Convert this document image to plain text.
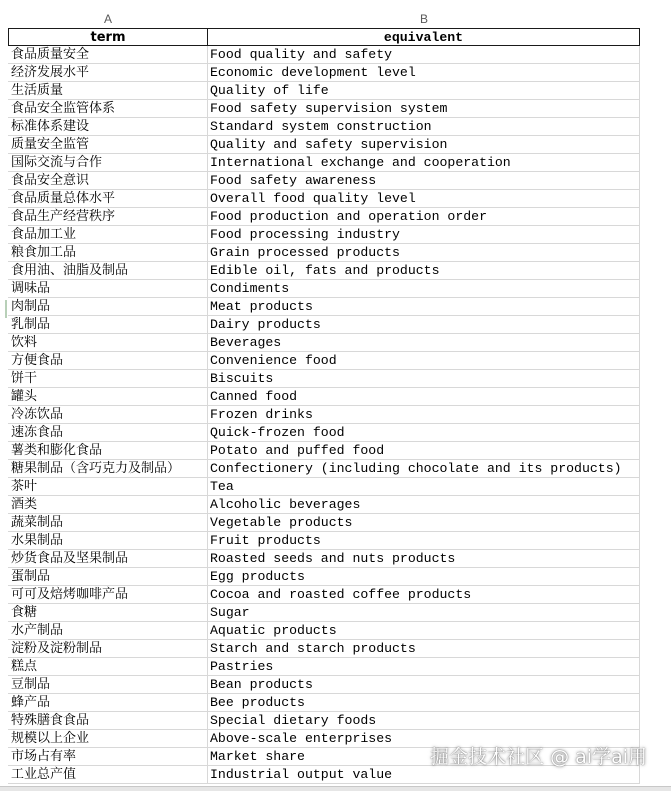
A	B
term	equivalent
食品质量安全	Food quality and safety
经济发展水平	Economic development level
生活质量	Quality of life
食品安全监管体系	Food safety supervision system
标准体系建设	Standard system construction
质量安全监管	Quality and safety supervision
国际交流与合作	International exchange and cooperation
食品安全意识	Food safety awareness
食品质量总体水平	Overall food quality level
食品生产经营秩序	Food production and operation order
食品加工业	Food processing industry
粮食加工品	Grain processed products
食用油、油脂及制品	Edible oil, fats and products
调味品	Condiments
肉制品	Meat products
乳制品	Dairy products
饮料	Beverages
方便食品	Convenience food
饼干	Biscuits
罐头	Canned food
冷冻饮品	Frozen drinks
速冻食品	Quick-frozen food
薯类和膨化食品	Potato and puffed food
糖果制品（含巧克力及制品）	Confectionery (including chocolate and its products)
茶叶	Tea
酒类	Alcoholic beverages
蔬菜制品	Vegetable products
水果制品	Fruit products
炒货食品及坚果制品	Roasted seeds and nuts products
蛋制品	Egg products
可可及焙烤咖啡产品	Cocoa and roasted coffee products
食糖	Sugar
水产制品	Aquatic products
淀粉及淀粉制品	Starch and starch products
糕点	Pastries
豆制品	Bean products
蜂产品	Bee products
特殊膳食食品	Special dietary foods
规模以上企业	Above-scale enterprises
市场占有率	Market share
工业总产值	Industrial output value
掘金技术社区 @ ai学ai用
